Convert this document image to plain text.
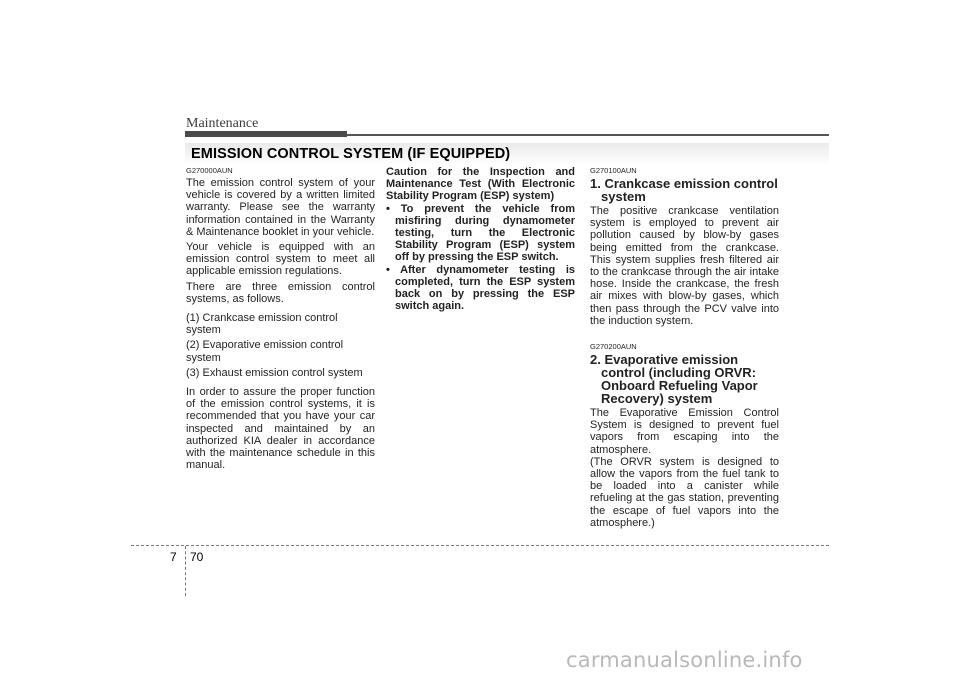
Maintenance
EMISSION CONTROL SYSTEM (IF EQUIPPED)
G270000AUN

The emission control system of your vehicle is covered by a written limited warranty. Please see the warranty information contained in the Warranty & Maintenance booklet in your vehicle.

Your vehicle is equipped with an emission control system to meet all applicable emission regulations.

There are three emission control systems, as follows.

(1) Crankcase emission control system
(2) Evaporative emission control system
(3) Exhaust emission control system

In order to assure the proper function of the emission control systems, it is recommended that you have your car inspected and maintained by an authorized KIA dealer in accordance with the maintenance schedule in this manual.

Caution for the Inspection and Maintenance Test (With Electronic Stability Program (ESP) system)

• To prevent the vehicle from misfiring during dynamometer testing, turn the Electronic Stability Program (ESP) system off by pressing the ESP switch.

• After dynamometer testing is completed, turn the ESP system back on by pressing the ESP switch again.

G270100AUN
1. Crankcase emission control system

The positive crankcase ventilation system is employed to prevent air pollution caused by blow-by gases being emitted from the crankcase. This system supplies fresh filtered air to the crankcase through the air intake hose. Inside the crankcase, the fresh air mixes with blow-by gases, which then pass through the PCV valve into the induction system.

G270200AUN
2. Evaporative emission control (including ORVR: Onboard Refueling Vapor Recovery) system

The Evaporative Emission Control System is designed to prevent fuel vapors from escaping into the atmosphere.

(The ORVR system is designed to allow the vapors from the fuel tank to be loaded into a canister while refueling at the gas station, preventing the escape of fuel vapors into the atmosphere.)

7 70
carmanualsonline.info
